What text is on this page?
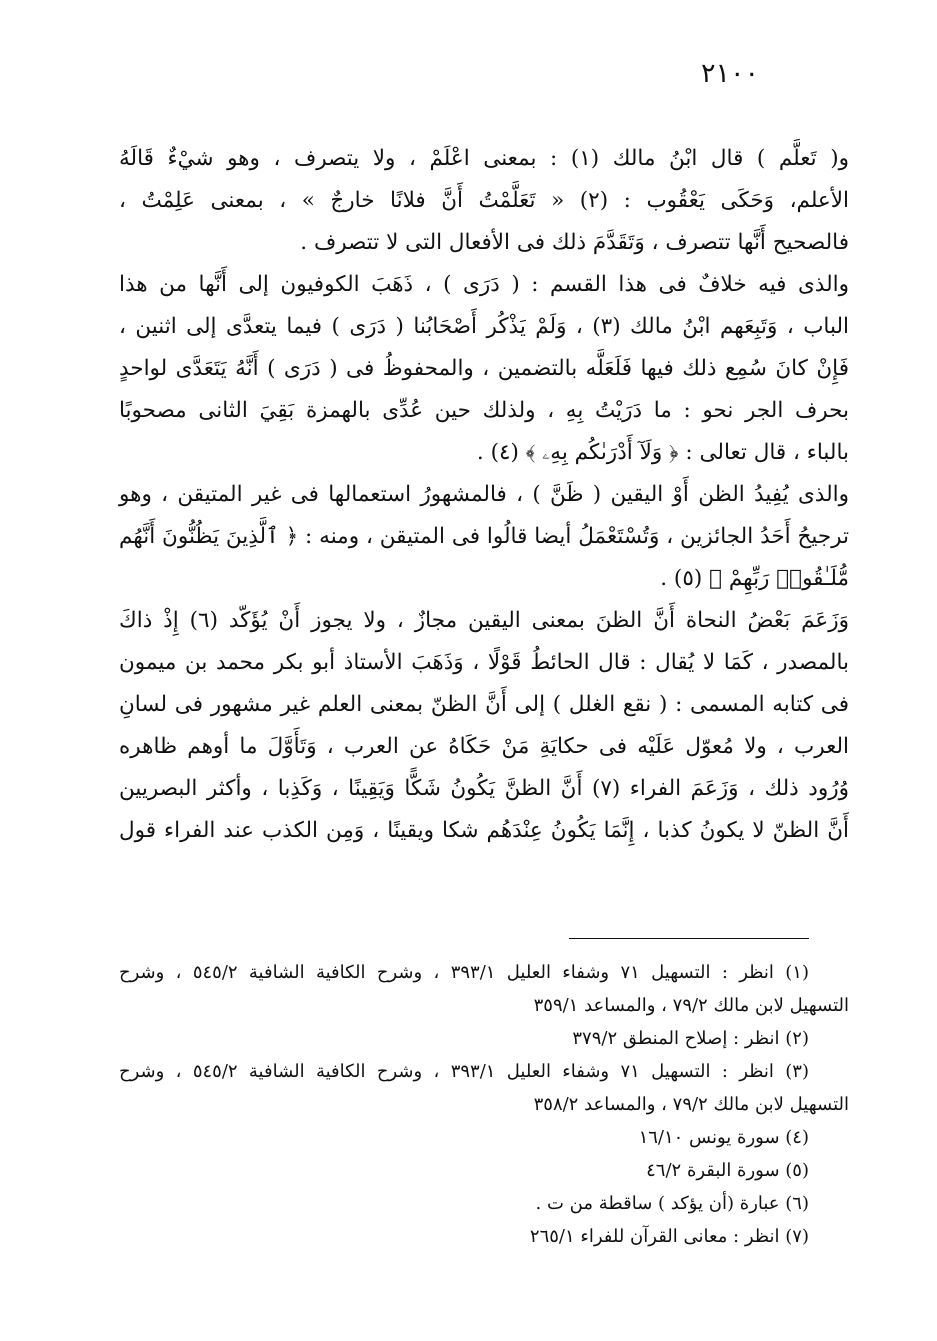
٢١٠٠
و( تَعلَّم ) قال ابْنُ مالك (١) : بمعنى اعْلَمْ ، ولا يتصرف ، وهو شيْءٌ قَالَهُ
الأعلم، وَحَكَى يَعْقُوب : (٢) « تَعَلَّمْتُ أَنَّ فلانًا خارجٌ » ، بمعنى عَلِمْتُ ،
فالصحيح أَنَّها تتصرف ، وَتَقَدَّمَ ذلك فى الأفعال التى لا تتصرف .
والذى فيه خلافٌ فى هذا القسم : ( دَرَى ) ، ذَهَبَ الكوفيون إلى أَنَّها من هذا
الباب ، وَتَبِعَهم ابْنُ مالك (٣) ، وَلَمْ يَذْكُر أَصْحَابُنا ( دَرَى ) فيما يتعدَّى إلى اثنين ،
فَإِنْ كانَ سُمِع ذلك فيها فَلَعَلَّه بالتضمين ، والمحفوظُ فى ( دَرَى ) أَنَّهُ يَتَعَدَّى لواحدٍ
بحرف الجر نحو : ما دَرَيْتُ بِهِ ، ولذلك حين عُدِّى بالهمزة بَقِيَ الثانى مصحوبًا
بالباء ، قال تعالى : ﴿ وَلَآ أَدْرَىٰكُم بِهِۦ ﴾ (٤) .
والذى يُفِيدُ الظن أَوْ اليقين ( ظَنَّ ) ، فالمشهورُ استعمالها فى غير المتيقن ، وهو
ترجيحُ أَحَدُ الجائزين ، وَتُسْتَعْمَلُ أيضا قالُوا فى المتيقن ، ومنه : ﴿ ٱلَّذِينَ يَظُنُّونَ أَنَّهُم
مُّلَـٰقُوا۟ رَبِّهِمْ ﴾ (٥) .
وَزَعَمَ بَعْضُ النحاة أَنَّ الظنَ بمعنى اليقين مجازٌ ، ولا يجوز أَنْ يُؤَكّد (٦) إِذْ ذاكَ
بالمصدر ، كَمَا لا يُقال : قال الحائطُ قَوْلًا ، وَذَهَبَ الأستاذ أبو بكر محمد بن ميمون
فى كتابه المسمى : ( نقع الغلل ) إلى أَنَّ الظنّ بمعنى العلم غير مشهور فى لسانِ
العرب ، ولا مُعوّل عَلَيْه فى حكايَةِ مَنْ حَكَاهُ عن العرب ، وَتَأَوَّلَ ما أوهم ظاهره
وُرُود ذلك ، وَزَعَمَ الفراء (٧) أَنَّ الظنَّ يَكُونُ شَكًّا وَيَقِينًا ، وَكَذِبا ، وأكثر البصريين
أَنَّ الظنّ لا يكونُ كذبا ، إِنَّمَا يَكُونُ عِنْدَهُم شكا ويقينًا ، وَمِن الكذب عند الفراء قول
(١) انظر : التسهيل ٧١ وشفاء العليل ٣٩٣/١ ، وشرح الكافية الشافية ٥٤٥/٢ ، وشرح
التسهيل لابن مالك ٧٩/٢ ، والمساعد ٣٥٩/١
(٢) انظر : إصلاح المنطق ٣٧٩/٢
(٣) انظر : التسهيل ٧١ وشفاء العليل ٣٩٣/١ ، وشرح الكافية الشافية ٥٤٥/٢ ، وشرح
التسهيل لابن مالك ٧٩/٢ ، والمساعد ٣٥٨/٢
(٤) سورة يونس ١٦/١٠
(٥) سورة البقرة ٤٦/٢
(٦) عبارة (أن يؤكد ) ساقطة من ت .
(٧) انظر : معانى القرآن للفراء ٢٦٥/١
